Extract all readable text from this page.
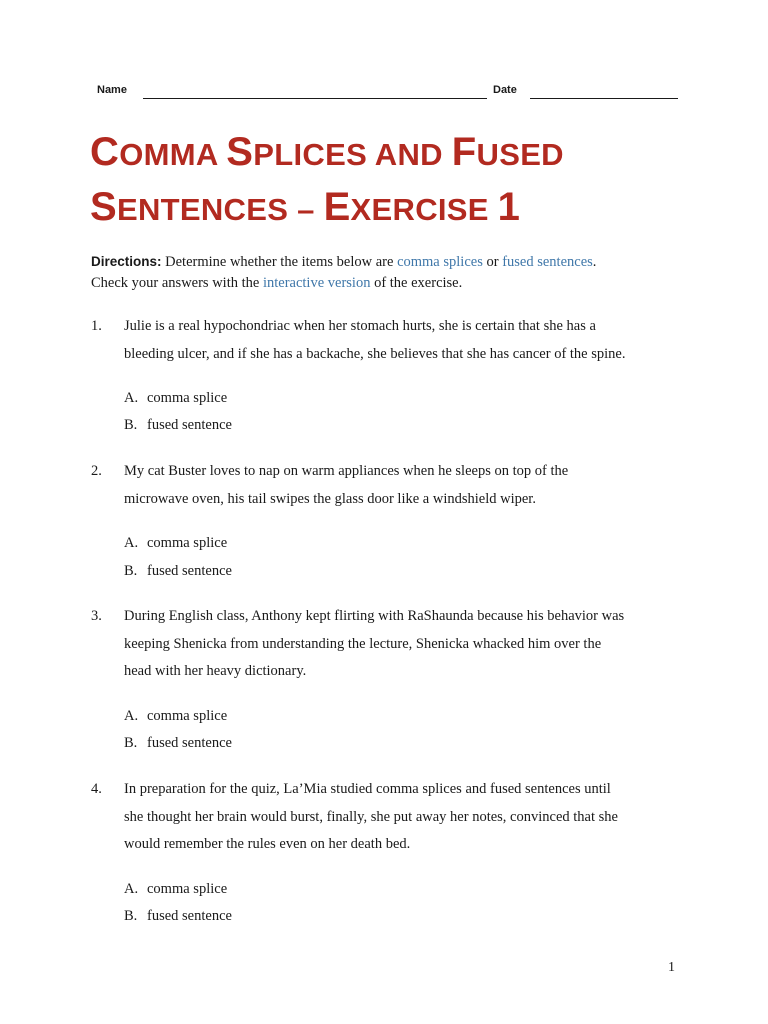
Name	Date
COMMA SPLICES AND FUSED
SENTENCES – EXERCISE 1
Directions: Determine whether the items below are comma splices or fused sentences.
Check your answers with the interactive version of the exercise.
1. Julie is a real hypochondriac when her stomach hurts, she is certain that she has a
bleeding ulcer, and if she has a backache, she believes that she has cancer of the spine.
A. comma splice
B. fused sentence
2. My cat Buster loves to nap on warm appliances when he sleeps on top of the
microwave oven, his tail swipes the glass door like a windshield wiper.
A. comma splice
B. fused sentence
3. During English class, Anthony kept flirting with RaShaunda because his behavior was
keeping Shenicka from understanding the lecture, Shenicka whacked him over the
head with her heavy dictionary.
A. comma splice
B. fused sentence
4. In preparation for the quiz, La’Mia studied comma splices and fused sentences until
she thought her brain would burst, finally, she put away her notes, convinced that she
would remember the rules even on her death bed.
A. comma splice
B. fused sentence
1
